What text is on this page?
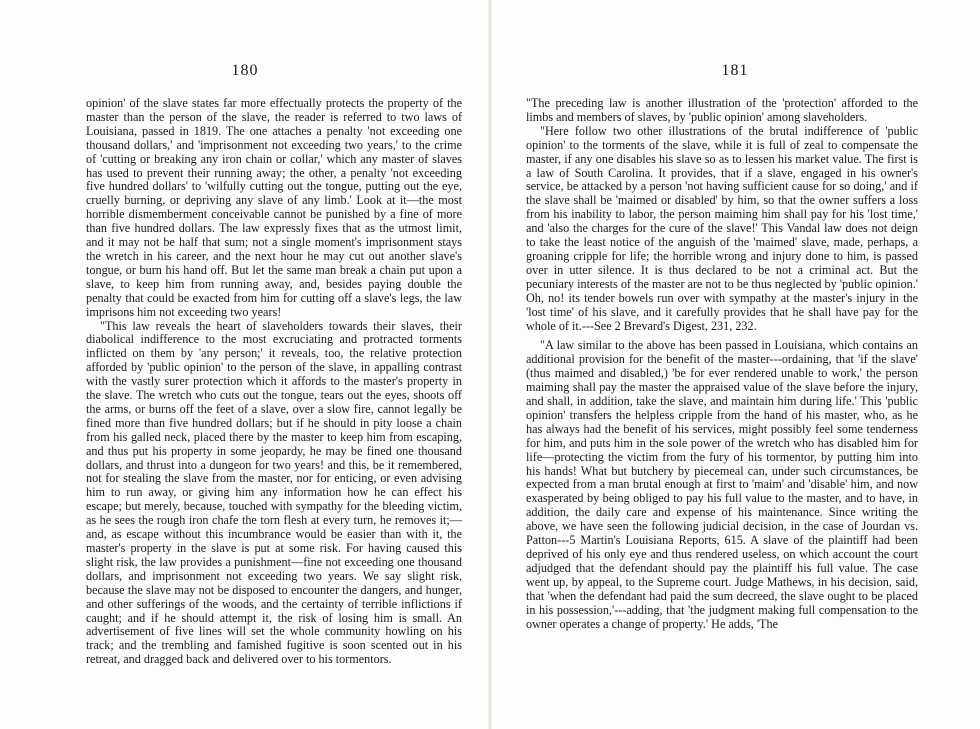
180

opinion' of the slave states far more effectually protects the property of the master than the person of the slave, the reader is referred to two laws of Louisiana, passed in 1819. The one attaches a penalty 'not exceeding one thousand dollars,' and 'imprisonment not exceeding two years,' to the crime of 'cutting or breaking any iron chain or collar,' which any master of slaves has used to prevent their running away; the other, a penalty 'not exceeding five hundred dollars' to 'wilfully cutting out the tongue, putting out the eye, cruelly burning, or depriving any slave of any limb.' Look at it—the most horrible dismemberment conceivable cannot be punished by a fine of more than five hundred dollars. The law expressly fixes that as the utmost limit, and it may not be half that sum; not a single moment's imprisonment stays the wretch in his career, and the next hour he may cut out another slave's tongue, or burn his hand off. But let the same man break a chain put upon a slave, to keep him from running away, and, besides paying double the penalty that could be exacted from him for cutting off a slave's legs, the law imprisons him not exceeding two years!

"This law reveals the heart of slaveholders towards their slaves, their diabolical indifference to the most excruciating and protracted torments inflicted on them by 'any person;' it reveals, too, the relative protection afforded by 'public opinion' to the person of the slave, in appalling contrast with the vastly surer protection which it affords to the master's property in the slave. The wretch who cuts out the tongue, tears out the eyes, shoots off the arms, or burns off the feet of a slave, over a slow fire, cannot legally be fined more than five hundred dollars; but if he should in pity loose a chain from his galled neck, placed there by the master to keep him from escaping, and thus put his property in some jeopardy, he may be fined one thousand dollars, and thrust into a dungeon for two years! and this, be it remembered, not for stealing the slave from the master, nor for enticing, or even advising him to run away, or giving him any information how he can effect his escape; but merely, because, touched with sympathy for the bleeding victim, as he sees the rough iron chafe the torn flesh at every turn, he removes it;—and, as escape without this incumbrance would be easier than with it, the master's property in the slave is put at some risk. For having caused this slight risk, the law provides a punishment—fine not exceeding one thousand dollars, and imprisonment not exceeding two years. We say slight risk, because the slave may not be disposed to encounter the dangers, and hunger, and other sufferings of the woods, and the certainty of terrible inflictions if caught; and if he should attempt it, the risk of losing him is small. An advertisement of five lines will set the whole community howling on his track; and the trembling and famished fugitive is soon scented out in his retreat, and dragged back and delivered over to his tormentors.

181

"The preceding law is another illustration of the 'protection' afforded to the limbs and members of slaves, by 'public opinion' among slaveholders.

"Here follow two other illustrations of the brutal indifference of 'public opinion' to the torments of the slave, while it is full of zeal to compensate the master, if any one disables his slave so as to lessen his market value. The first is a law of South Carolina. It provides, that if a slave, engaged in his owner's service, be attacked by a person 'not having sufficient cause for so doing,' and if the slave shall be 'maimed or disabled' by him, so that the owner suffers a loss from his inability to labor, the person maiming him shall pay for his 'lost time,' and 'also the charges for the cure of the slave!' This Vandal law does not deign to take the least notice of the anguish of the 'maimed' slave, made, perhaps, a groaning cripple for life; the horrible wrong and injury done to him, is passed over in utter silence. It is thus declared to be not a criminal act. But the pecuniary interests of the master are not to be thus neglected by 'public opinion.' Oh, no! its tender bowels run over with sympathy at the master's injury in the 'lost time' of his slave, and it carefully provides that he shall have pay for the whole of it.---See 2 Brevard's Digest, 231, 232.

"A law similar to the above has been passed in Louisiana, which contains an additional provision for the benefit of the master---ordaining, that 'if the slave' (thus maimed and disabled,) 'be for ever rendered unable to work,' the person maiming shall pay the master the appraised value of the slave before the injury, and shall, in addition, take the slave, and maintain him during life.' This 'public opinion' transfers the helpless cripple from the hand of his master, who, as he has always had the benefit of his services, might possibly feel some tenderness for him, and puts him in the sole power of the wretch who has disabled him for life—protecting the victim from the fury of his tormentor, by putting him into his hands! What but butchery by piecemeal can, under such circumstances, be expected from a man brutal enough at first to 'maim' and 'disable' him, and now exasperated by being obliged to pay his full value to the master, and to have, in addition, the daily care and expense of his maintenance. Since writing the above, we have seen the following judicial decision, in the case of Jourdan vs. Patton---5 Martin's Louisiana Reports, 615. A slave of the plaintiff had been deprived of his only eye and thus rendered useless, on which account the court adjudged that the defendant should pay the plaintiff his full value. The case went up, by appeal, to the Supreme court. Judge Mathews, in his decision, said, that 'when the defendant had paid the sum decreed, the slave ought to be placed in his possession,'---adding, that 'the judgment making full compensation to the owner operates a change of property.' He adds, 'The
